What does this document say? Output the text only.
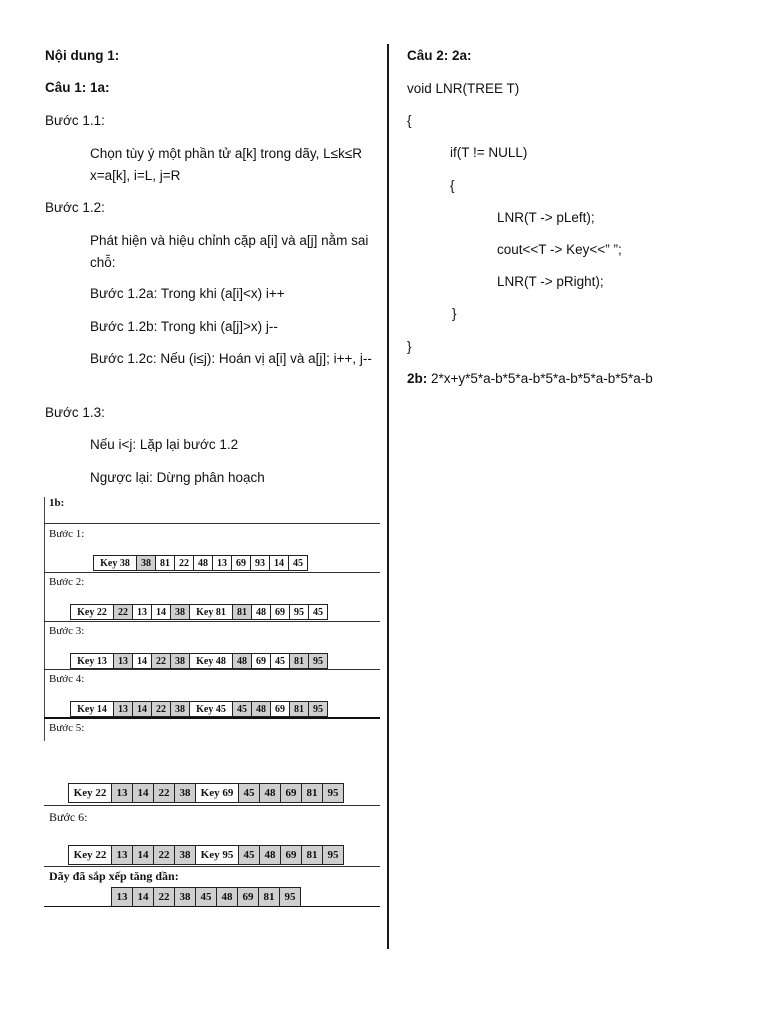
Nội dung 1:
Câu 1: 1a:
Bước 1.1:
Chọn tùy ý một phần tử a[k] trong dãy, L≤k≤R x=a[k], i=L, j=R
Bước 1.2:
Phát hiện và hiệu chỉnh cặp a[i] và a[j] nằm sai chỗ:
Bước 1.2a: Trong khi (a[i]<x) i++
Bước 1.2b: Trong khi (a[j]>x) j--
Bước 1.2c: Nếu (i≤j): Hoán vị a[i] và a[j]; i++, j--
Bước 1.3:
Nếu i<j: Lặp lại bước 1.2
Ngược lại: Dừng phân hoạch
1b:
Bước 1:
Key 38	38	81	22	48	13	69	93	14	45
Bước 2:
Key 22	22	13	14	38	Key 81	81	48	69	95	45
Bước 3:
Key 13	13	14	22	38	Key 48	48	69	45	81	95
Bước 4:
Key 14	13	14	22	38	Key 45	45	48	69	81	95
Bước 5:
Key 22	13	14	22	38	Key 69	45	48	69	81	95
Bước 6:
Key 22	13	14	22	38	Key 95	45	48	69	81	95
Dãy đã sắp xếp tăng dần:
13	14	22	38	45	48	69	81	95
Câu 2: 2a:
void LNR(TREE T)
{
if(T != NULL)
{
LNR(T -> pLeft);
cout<<T -> Key<<” ”;
LNR(T -> pRight);
}
}
2b: 2*x+y*5*a-b*5*a-b*5*a-b*5*a-b*5*a-b
